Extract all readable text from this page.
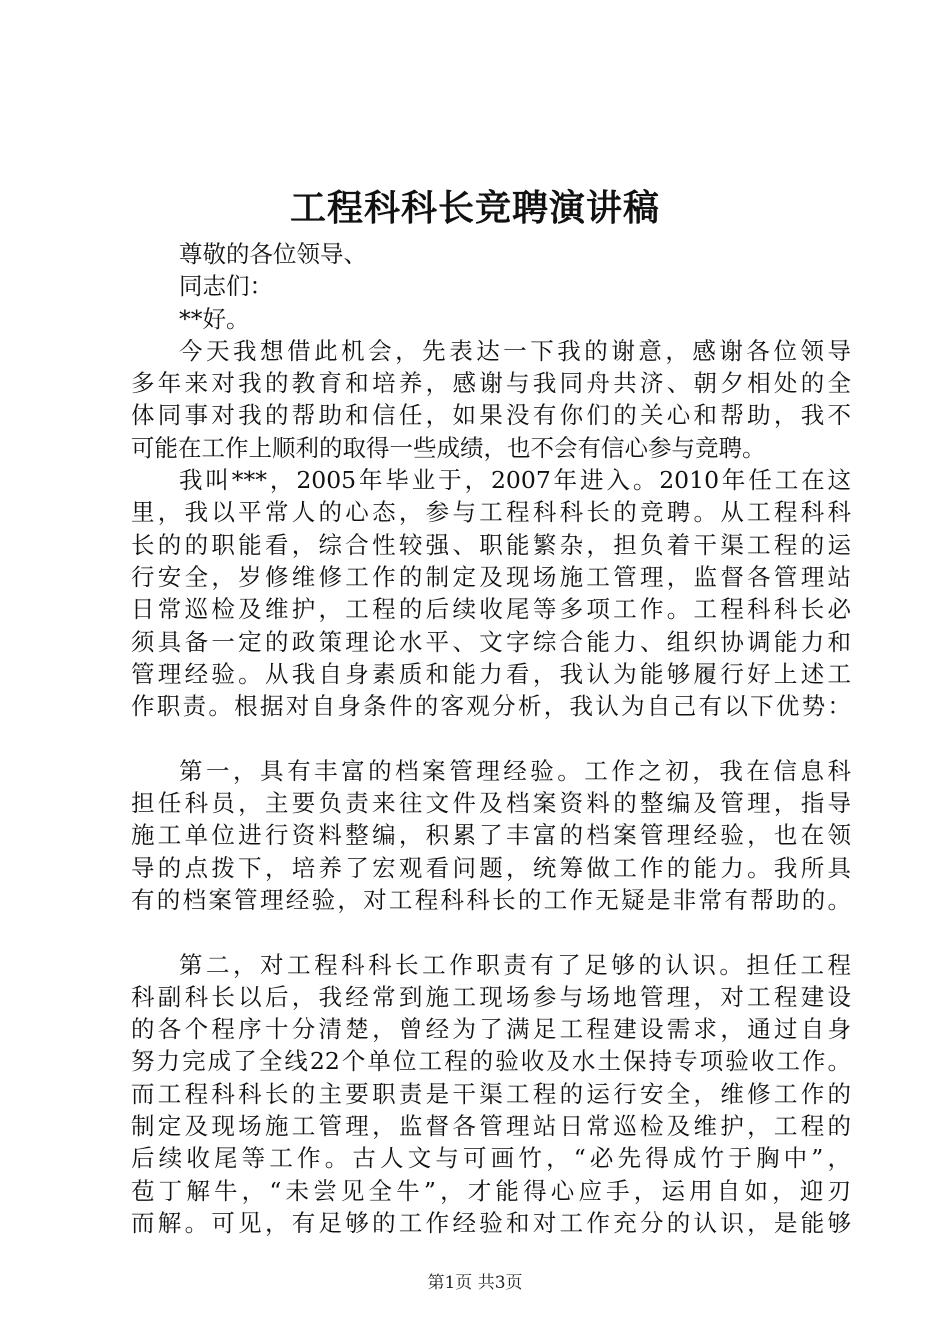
工程科科长竞聘演讲稿
尊敬的各位领导、
同志们：
**好。
今天我想借此机会，先表达一下我的谢意，感谢各位领导
多年来对我的教育和培养，感谢与我同舟共济、朝夕相处的全
体同事对我的帮助和信任，如果没有你们的关心和帮助，我不
可能在工作上顺利的取得一些成绩，也不会有信心参与竞聘。
我叫***，2005年毕业于，2007年进入。2010年任工在这
里，我以平常人的心态，参与工程科科长的竞聘。从工程科科
长的的职能看，综合性较强、职能繁杂，担负着干渠工程的运
行安全，岁修维修工作的制定及现场施工管理，监督各管理站
日常巡检及维护，工程的后续收尾等多项工作。工程科科长必
须具备一定的政策理论水平、文字综合能力、组织协调能力和
管理经验。从我自身素质和能力看，我认为能够履行好上述工
作职责。根据对自身条件的客观分析，我认为自己有以下优势：
第一，具有丰富的档案管理经验。工作之初，我在信息科
担任科员，主要负责来往文件及档案资料的整编及管理，指导
施工单位进行资料整编，积累了丰富的档案管理经验，也在领
导的点拨下，培养了宏观看问题，统筹做工作的能力。我所具
有的档案管理经验，对工程科科长的工作无疑是非常有帮助的。
第二，对工程科科长工作职责有了足够的认识。担任工程
科副科长以后，我经常到施工现场参与场地管理，对工程建设
的各个程序十分清楚，曾经为了满足工程建设需求，通过自身
努力完成了全线22个单位工程的验收及水土保持专项验收工作。
而工程科科长的主要职责是干渠工程的运行安全，维修工作的
制定及现场施工管理，监督各管理站日常巡检及维护，工程的
后续收尾等工作。古人文与可画竹，“必先得成竹于胸中”，
苞丁解牛，“未尝见全牛”，才能得心应手，运用自如，迎刃
而解。可见，有足够的工作经验和对工作充分的认识，是能够
第1页 共3页
